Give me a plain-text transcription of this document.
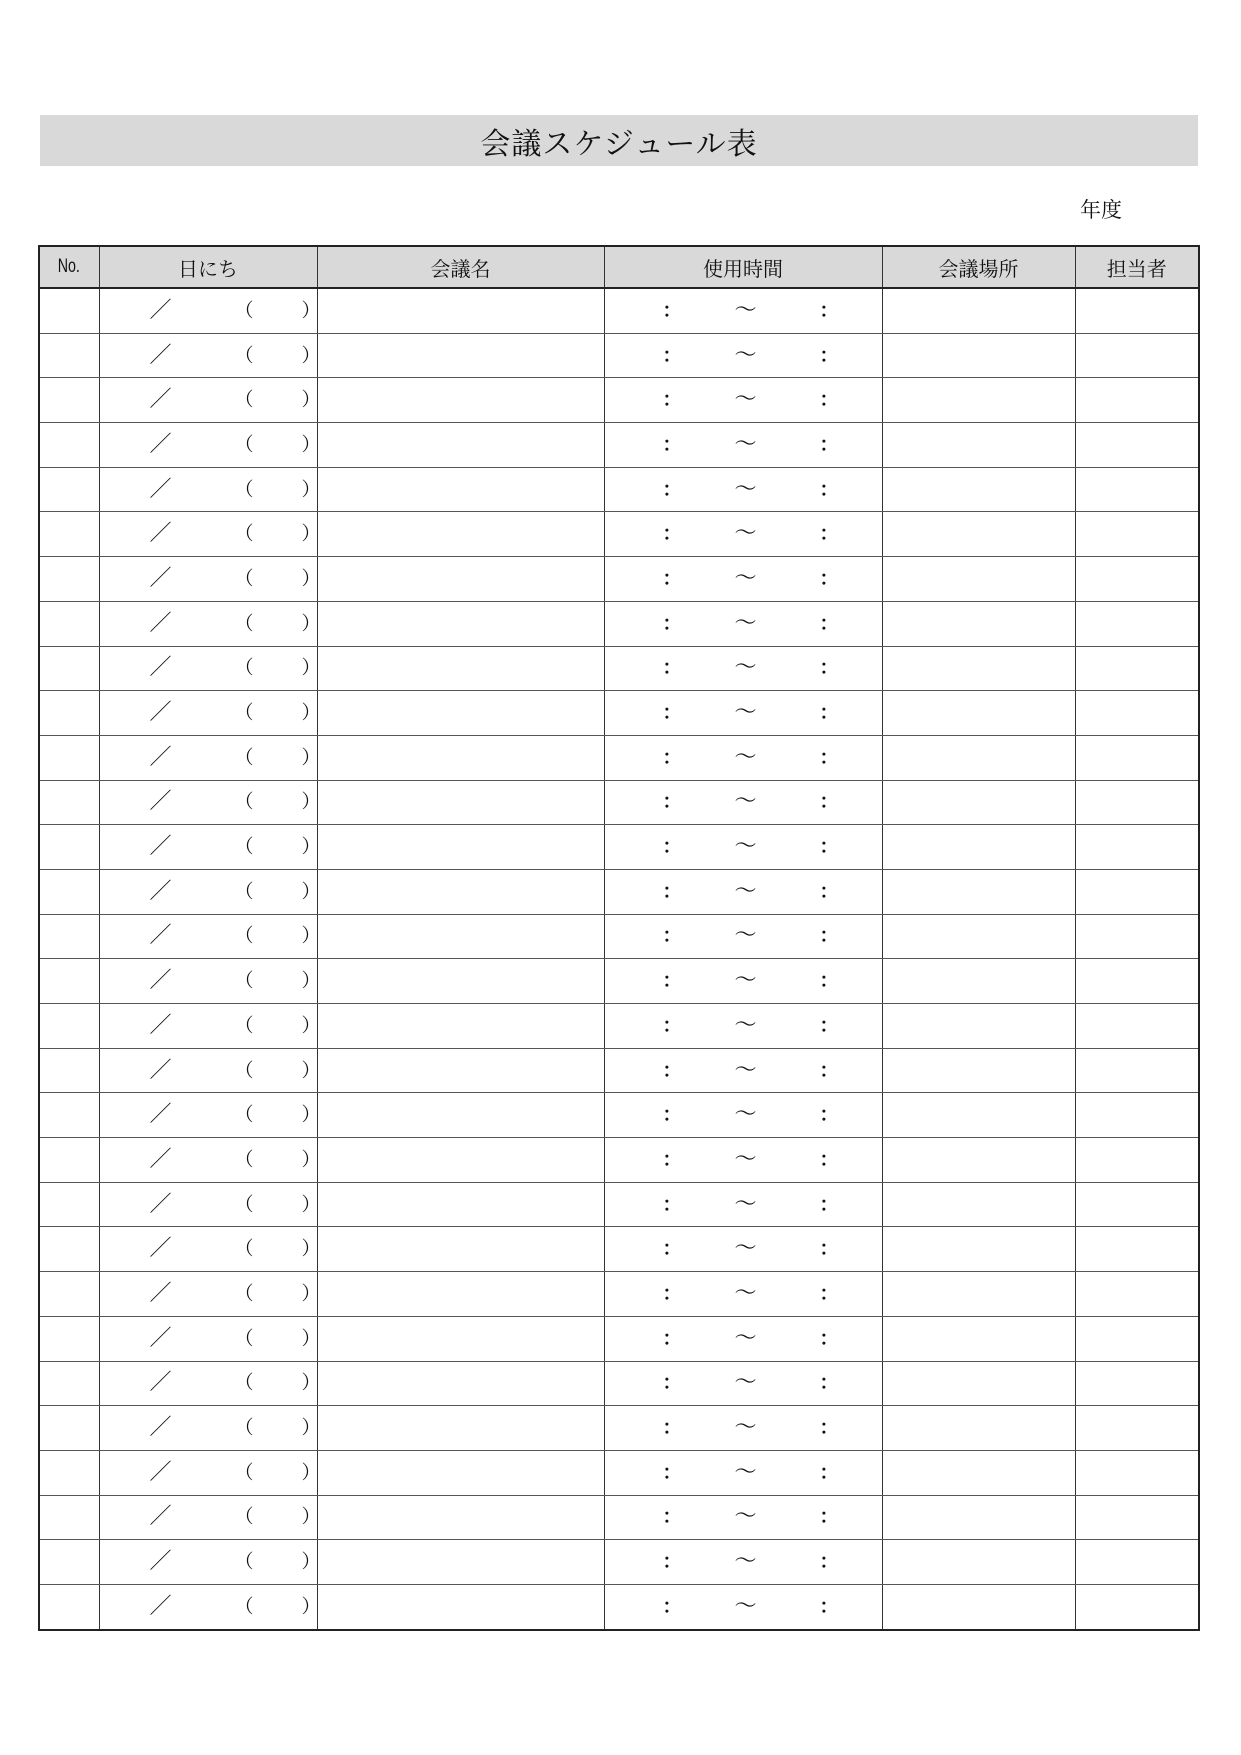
会議スケジュール表
年度
No.	日にち	会議名	使用時間	会議場所	担当者

	／ （ ）		： ～ ：		

	／ （ ）		： ～ ：		

	／ （ ）		： ～ ：		

	／ （ ）		： ～ ：		

	／ （ ）		： ～ ：		

	／ （ ）		： ～ ：		

	／ （ ）		： ～ ：		

	／ （ ）		： ～ ：		

	／ （ ）		： ～ ：		

	／ （ ）		： ～ ：		

	／ （ ）		： ～ ：		

	／ （ ）		： ～ ：		

	／ （ ）		： ～ ：		

	／ （ ）		： ～ ：		

	／ （ ）		： ～ ：		

	／ （ ）		： ～ ：		

	／ （ ）		： ～ ：		

	／ （ ）		： ～ ：		

	／ （ ）		： ～ ：		

	／ （ ）		： ～ ：		

	／ （ ）		： ～ ：		

	／ （ ）		： ～ ：		

	／ （ ）		： ～ ：		

	／ （ ）		： ～ ：		

	／ （ ）		： ～ ：		

	／ （ ）		： ～ ：		

	／ （ ）		： ～ ：		

	／ （ ）		： ～ ：		

	／ （ ）		： ～ ：		

	／ （ ）		： ～ ：		
